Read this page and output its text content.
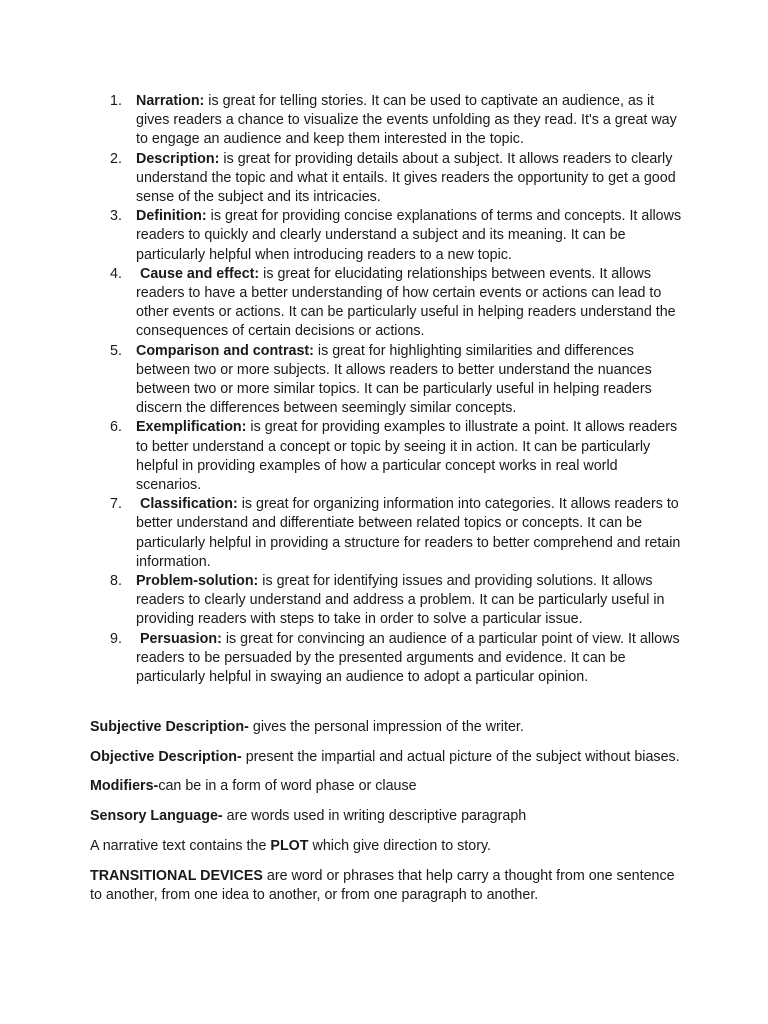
1. Narration: is great for telling stories. It can be used to captivate an audience, as it gives readers a chance to visualize the events unfolding as they read. It's a great way to engage an audience and keep them interested in the topic.
2. Description: is great for providing details about a subject. It allows readers to clearly understand the topic and what it entails. It gives readers the opportunity to get a good sense of the subject and its intricacies.
3. Definition: is great for providing concise explanations of terms and concepts. It allows readers to quickly and clearly understand a subject and its meaning. It can be particularly helpful when introducing readers to a new topic.
4. Cause and effect: is great for elucidating relationships between events. It allows readers to have a better understanding of how certain events or actions can lead to other events or actions. It can be particularly useful in helping readers understand the consequences of certain decisions or actions.
5. Comparison and contrast: is great for highlighting similarities and differences between two or more subjects. It allows readers to better understand the nuances between two or more similar topics. It can be particularly useful in helping readers discern the differences between seemingly similar concepts.
6. Exemplification: is great for providing examples to illustrate a point. It allows readers to better understand a concept or topic by seeing it in action. It can be particularly helpful in providing examples of how a particular concept works in real world scenarios.
7. Classification: is great for organizing information into categories. It allows readers to better understand and differentiate between related topics or concepts. It can be particularly helpful in providing a structure for readers to better comprehend and retain information.
8. Problem-solution: is great for identifying issues and providing solutions. It allows readers to clearly understand and address a problem. It can be particularly useful in providing readers with steps to take in order to solve a particular issue.
9. Persuasion: is great for convincing an audience of a particular point of view. It allows readers to be persuaded by the presented arguments and evidence. It can be particularly helpful in swaying an audience to adopt a particular opinion.

Subjective Description- gives the personal impression of the writer.

Objective Description- present the impartial and actual picture of the subject without biases.

Modifiers-can be in a form of word phase or clause

Sensory Language- are words used in writing descriptive paragraph

A narrative text contains the PLOT which give direction to story.

TRANSITIONAL DEVICES are word or phrases that help carry a thought from one sentence to another, from one idea to another, or from one paragraph to another.
